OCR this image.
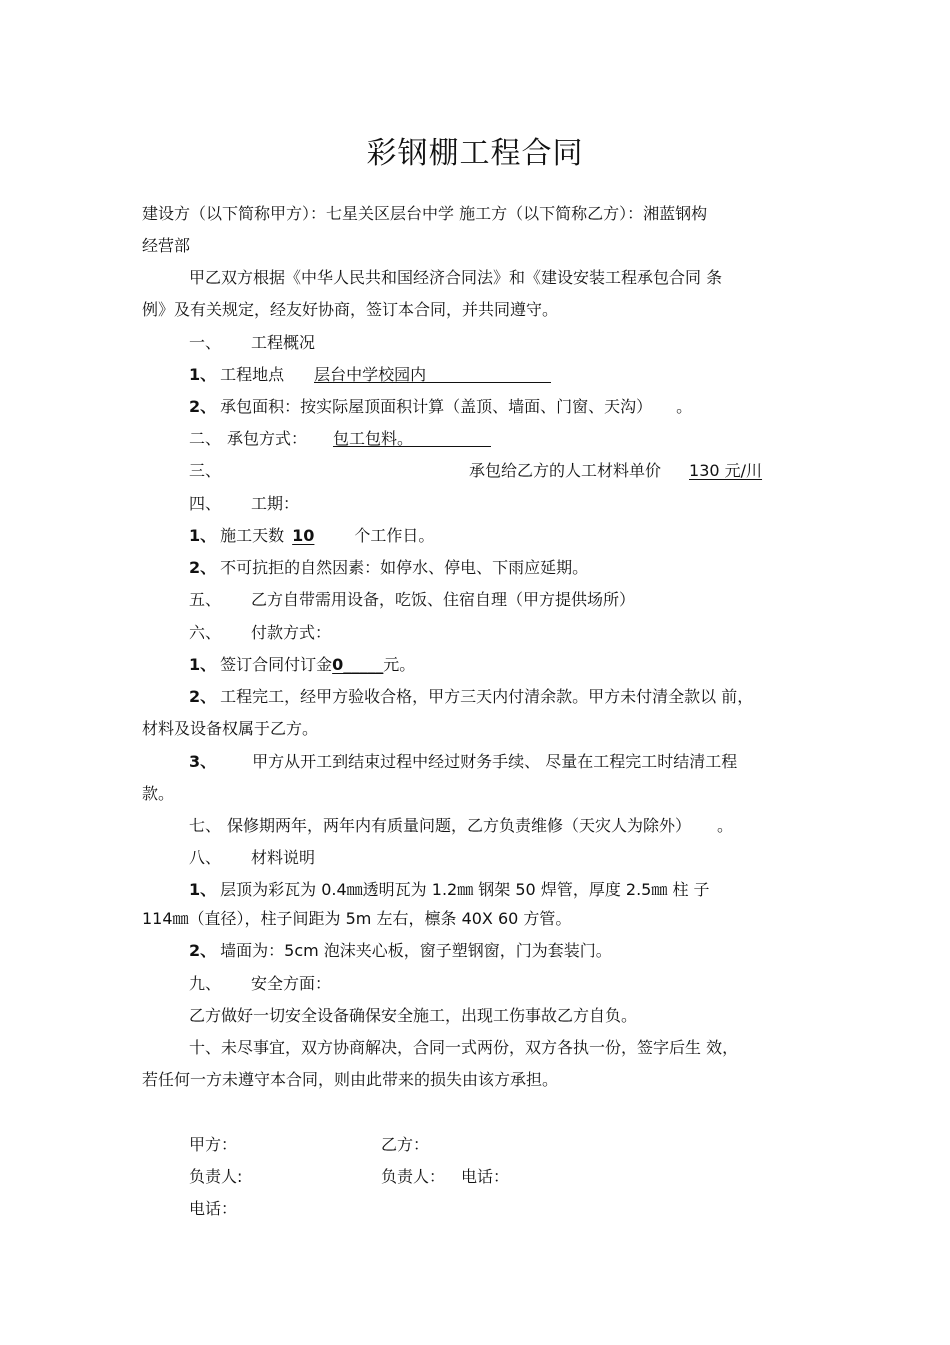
彩钢棚工程合同
建设方（以下简称甲方）：七星关区层台中学 施工方（以下简称乙方）：湘蓝钢构
经营部
甲乙双方根据《中华人民共和国经济合同法》和《建设安装工程承包合同 条
例》及有关规定，经友好协商，签订本合同，并共同遵守。
一、 工程概况
1、 工程地点 层台中学校园内
2、 承包面积：按实际屋顶面积计算（盖顶、墙面、门窗、天沟） 。
二、 承包方式： 包工包料。
三、	承包给乙方的人工材料单价 130 元/川
四、 工期：
1、 施工天数 10	个工作日。
2、 不可抗拒的自然因素：如停水、停电、下雨应延期。
五、 乙方自带需用设备，吃饭、住宿自理（甲方提供场所）
六、 付款方式：
1、 签订合同付订金0_____元。
2、 工程完工，经甲方验收合格，甲方三天内付清余款。甲方未付清全款以 前，
材料及设备权属于乙方。
3、 甲方从开工到结束过程中经过财务手续、 尽量在工程完工时结清工程
款。
七、 保修期两年，两年内有质量问题，乙方负责维修（天灾人为除外） 。
八、 材料说明
1、 层顶为彩瓦为 0.4㎜透明瓦为 1.2㎜ 钢架 50 焊管，厚度 2.5㎜ 柱 子
114㎜（直径），柱子间距为 5m 左右，檩条 40X 60 方管。
2、 墙面为：5cm 泡沫夹心板，窗子塑钢窗，门为套装门。
九、 安全方面：
乙方做好一切安全设备确保安全施工，出现工伤事故乙方自负。
十、未尽事宜，双方协商解决，合同一式两份，双方各执一份，签字后生 效，
若任何一方未遵守本合同，则由此带来的损失由该方承担。
甲方：	乙方：
负责人:	负责人： 电话：
电话：
